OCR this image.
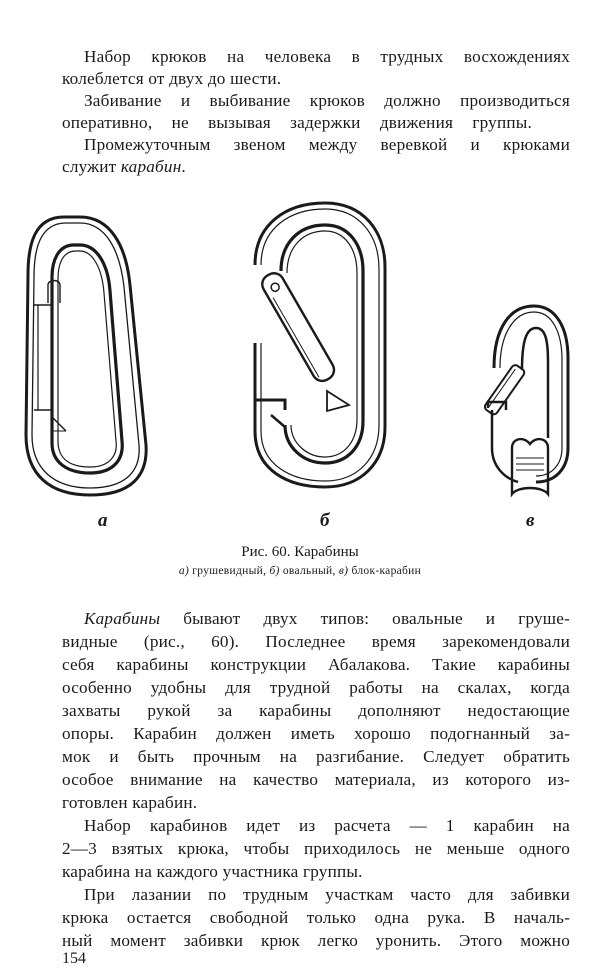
Набор крюков на человека в трудных восхождениях
колеблется от двух до шести.
Забивание и выбивание крюков должно производиться
оперативно, не вызывая задержки движения группы.
Промежуточным звеном между веревкой и крюками
служит карабин.
а	б	в
Рис. 60. Карабины
а) грушевидный, б) овальный, в) блок-карабин
Карабины бывают двух типов: овальные и груше-
видные (рис., 60). Последнее время зарекомендовали
себя карабины конструкции Абалакова. Такие карабины
особенно удобны для трудной работы на скалах, когда
захваты рукой за карабины дополняют недостающие
опоры. Карабин должен иметь хорошо подогнанный за-
мок и быть прочным на разгибание. Следует обратить
особое внимание на качество материала, из которого из-
готовлен карабин.
Набор карабинов идет из расчета — 1 карабин на
2—3 взятых крюка, чтобы приходилось не меньше одного
карабина на каждого участника группы.
При лазании по трудным участкам часто для забивки
крюка остается свободной только одна рука. В началь-
ный момент забивки крюк легко уронить. Этого можно
154
